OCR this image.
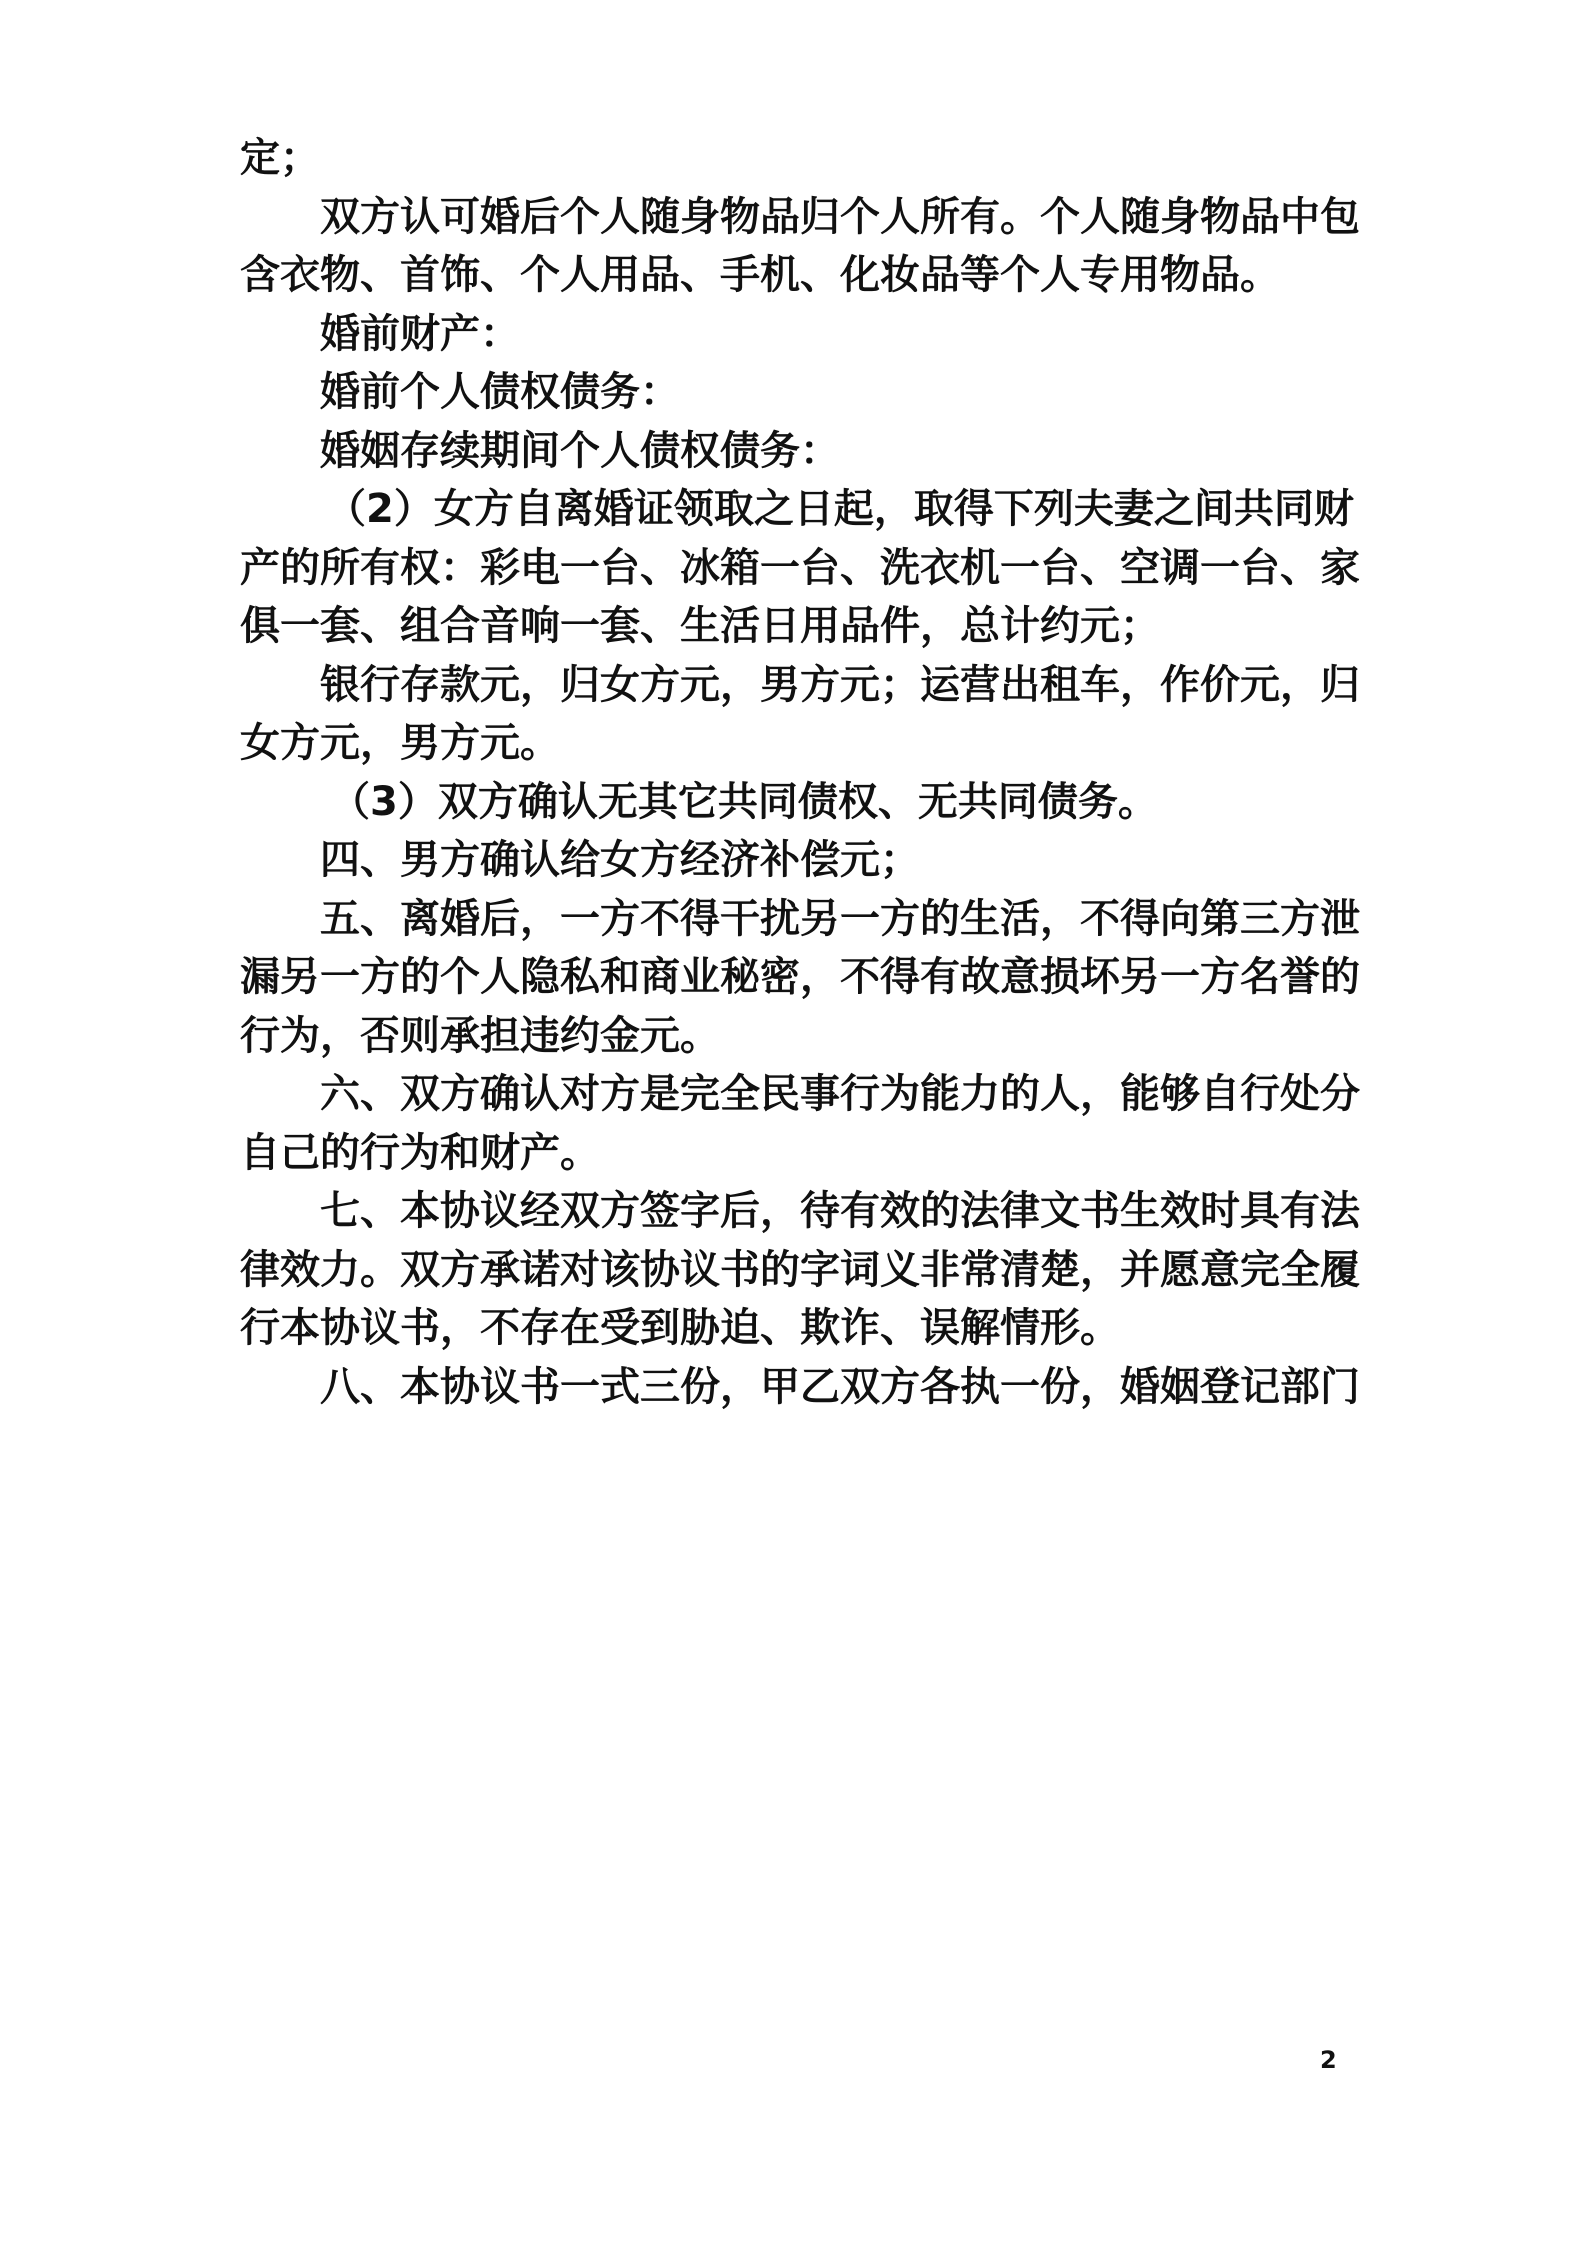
定；
双方认可婚后个人随身物品归个人所有。个人随身物品中包
含衣物、首饰、个人用品、手机、化妆品等个人专用物品。
婚前财产：
婚前个人债权债务：
婚姻存续期间个人债权债务：
（2）女方自离婚证领取之日起，取得下列夫妻之间共同财
产的所有权：彩电一台、冰箱一台、洗衣机一台、空调一台、家
俱一套、组合音响一套、生活日用品件，总计约元；
银行存款元，归女方元，男方元；运营出租车，作价元，归
女方元，男方元。
（3）双方确认无其它共同债权、无共同债务。
四、男方确认给女方经济补偿元；
五、离婚后，一方不得干扰另一方的生活，不得向第三方泄
漏另一方的个人隐私和商业秘密，不得有故意损坏另一方名誉的
行为，否则承担违约金元。
六、双方确认对方是完全民事行为能力的人，能够自行处分
自己的行为和财产。
七、本协议经双方签字后，待有效的法律文书生效时具有法
律效力。双方承诺对该协议书的字词义非常清楚，并愿意完全履
行本协议书，不存在受到胁迫、欺诈、误解情形。
八、本协议书一式三份，甲乙双方各执一份，婚姻登记部门
2
